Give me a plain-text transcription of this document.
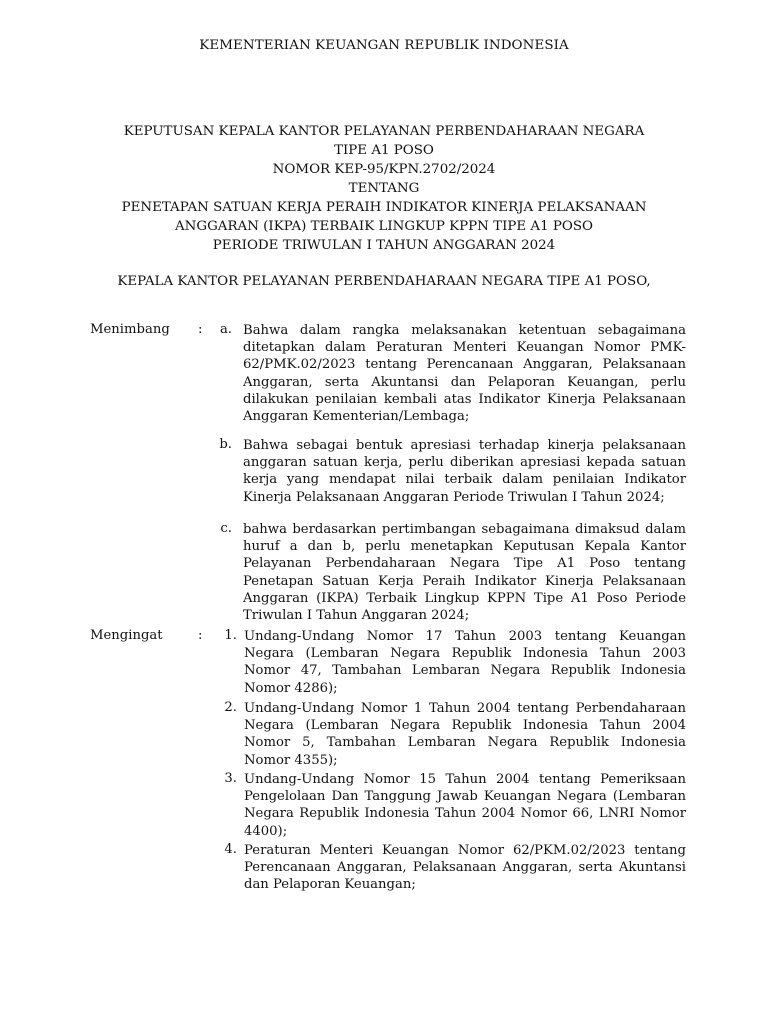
KEMENTERIAN KEUANGAN REPUBLIK INDONESIA
KEPUTUSAN KEPALA KANTOR PELAYANAN PERBENDAHARAAN NEGARA
TIPE A1 POSO
NOMOR KEP-95/KPN.2702/2024
TENTANG
PENETAPAN SATUAN KERJA PERAIH INDIKATOR KINERJA PELAKSANAAN
ANGGARAN (IKPA) TERBAIK LINGKUP KPPN TIPE A1 POSO
PERIODE TRIWULAN I TAHUN ANGGARAN 2024
KEPALA KANTOR PELAYANAN PERBENDAHARAAN NEGARA TIPE A1 POSO,
Menimbang :	a. Bahwa dalam rangka melaksanakan ketentuan sebagaimana ditetapkan dalam Peraturan Menteri Keuangan Nomor PMK-62/PMK.02/2023 tentang Perencanaan Anggaran, Pelaksanaan Anggaran, serta Akuntansi dan Pelaporan Keuangan, perlu dilakukan penilaian kembali atas Indikator Kinerja Pelaksanaan Anggaran Kementerian/Lembaga;
b. Bahwa sebagai bentuk apresiasi terhadap kinerja pelaksanaan anggaran satuan kerja, perlu diberikan apresiasi kepada satuan kerja yang mendapat nilai terbaik dalam penilaian Indikator Kinerja Pelaksanaan Anggaran Periode Triwulan I Tahun 2024;
c. bahwa berdasarkan pertimbangan sebagaimana dimaksud dalam huruf a dan b, perlu menetapkan Keputusan Kepala Kantor Pelayanan Perbendaharaan Negara Tipe A1 Poso tentang Penetapan Satuan Kerja Peraih Indikator Kinerja Pelaksanaan Anggaran (IKPA) Terbaik Lingkup KPPN Tipe A1 Poso Periode Triwulan I Tahun Anggaran 2024;
Mengingat	:	1. Undang-Undang Nomor 17 Tahun 2003 tentang Keuangan Negara (Lembaran Negara Republik Indonesia Tahun 2003 Nomor 47, Tambahan Lembaran Negara Republik Indonesia Nomor 4286);
2. Undang-Undang Nomor 1 Tahun 2004 tentang Perbendaharaan Negara (Lembaran Negara Republik Indonesia Tahun 2004 Nomor 5, Tambahan Lembaran Negara Republik Indonesia Nomor 4355);
3. Undang-Undang Nomor 15 Tahun 2004 tentang Pemeriksaan Pengelolaan Dan Tanggung Jawab Keuangan Negara (Lembaran Negara Republik Indonesia Tahun 2004 Nomor 66, LNRI Nomor 4400);
4. Peraturan Menteri Keuangan Nomor 62/PKM.02/2023 tentang Perencanaan Anggaran, Pelaksanaan Anggaran, serta Akuntansi dan Pelaporan Keuangan;
